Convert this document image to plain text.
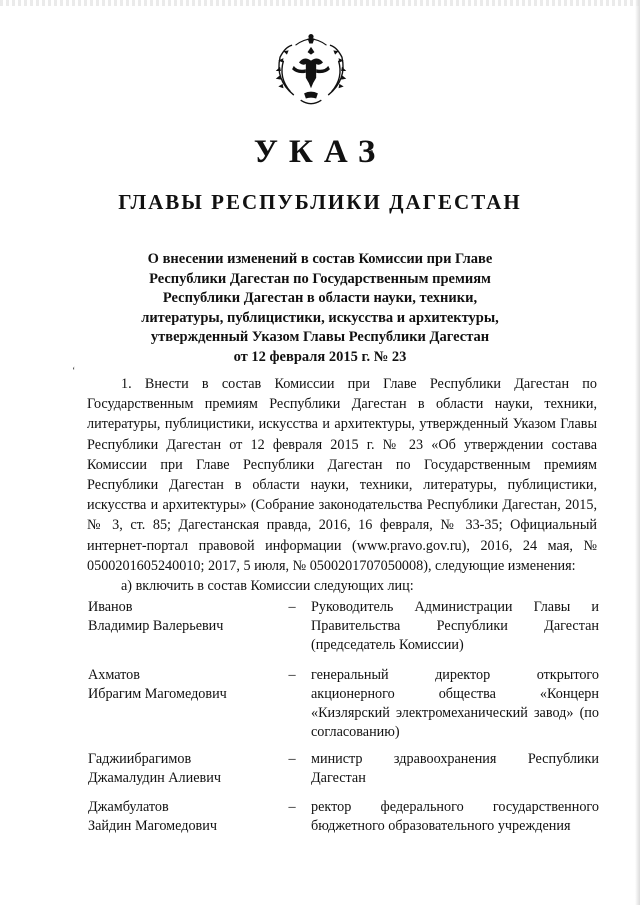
‘
УКАЗ
ГЛАВЫ РЕСПУБЛИКИ ДАГЕСТАН
О внесении изменений в состав Комиссии при Главе
Республики Дагестан по Государственным премиям
Республики Дагестан в области науки, техники,
литературы, публицистики, искусства и архитектуры,
утвержденный Указом Главы Республики Дагестан
от 12 февраля 2015 г. № 23

1. Внести в состав Комиссии при Главе Республики Дагестан по Государственным премиям Республики Дагестан в области науки, техники, литературы, публицистики, искусства и архитектуры, утвержденный Указом Главы Республики Дагестан от 12 февраля 2015 г. № 23 «Об утверждении состава Комиссии при Главе Республики Дагестан по Государственным премиям Республики Дагестан в области науки, техники, литературы, публицистики, искусства и архитектуры» (Собрание законодательства Республики Дагестан, 2015, № 3, ст. 85; Дагестанская правда, 2016, 16 февраля, № 33-35; Официальный интернет-портал правовой информации (www.pravo.gov.ru), 2016, 24 мая, № 0500201605240010; 2017, 5 июля, № 0500201707050008), следующие изменения:

а) включить в состав Комиссии следующих лиц:

Иванов
Владимир Валерьевич
– Руководитель Администрации Главы и Правительства Республики Дагестан (председатель Комиссии)
Ахматов
Ибрагим Магомедович
– генеральный директор открытого акционерного общества «Концерн «Кизлярский электромеханический завод» (по согласованию)
Гаджиибрагимов
Джамалудин Алиевич
– министр здравоохранения Республики Дагестан
Джамбулатов
Зайдин Магомедович
– ректор федерального государственного бюджетного образовательного учреждения
